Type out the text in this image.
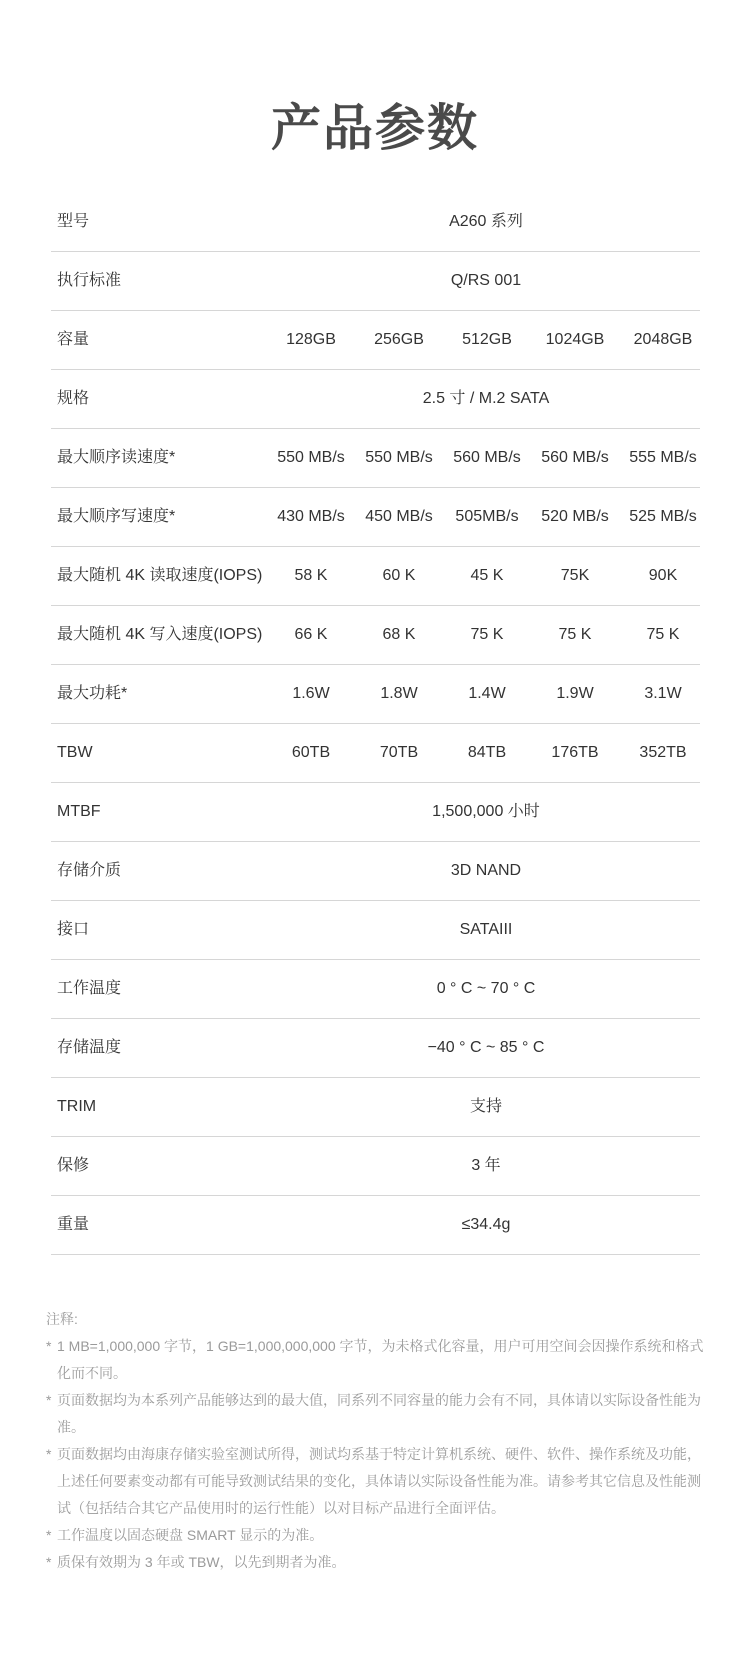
产品参数
型号	A260 系列
执行标准	Q/RS 001
容量	128GB	256GB	512GB	1024GB	2048GB
规格	2.5 寸 / M.2 SATA
最大顺序读速度*	550 MB/s	550 MB/s	560 MB/s	560 MB/s	555 MB/s
最大顺序写速度*	430 MB/s	450 MB/s	505MB/s	520 MB/s	525 MB/s
最大随机 4K 读取速度(IOPS)	58 K	60 K	45 K	75K	90K
最大随机 4K 写入速度(IOPS)	66 K	68 K	75 K	75 K	75 K
最大功耗*	1.6W	1.8W	1.4W	1.9W	3.1W
TBW	60TB	70TB	84TB	176TB	352TB
MTBF	1,500,000 小时
存储介质	3D NAND
接口	SATAIII
工作温度	0 ° C ~ 70 ° C
存储温度	−40 ° C ~ 85 ° C
TRIM	支持
保修	3 年
重量	≤34.4g

注释:

* 1 MB=1,000,000 字节，1 GB=1,000,000,000 字节，为未格式化容量，用户可用空间会因操作系统和格式化而不同。

* 页面数据均为本系列产品能够达到的最大值，同系列不同容量的能力会有不同，具体请以实际设备性能为准。

* 页面数据均由海康存储实验室测试所得，测试均系基于特定计算机系统、硬件、软件、操作系统及功能，上述任何要素变动都有可能导致测试结果的变化，具体请以实际设备性能为准。请参考其它信息及性能测试（包括结合其它产品使用时的运行性能）以对目标产品进行全面评估。

* 工作温度以固态硬盘 SMART 显示的为准。

* 质保有效期为 3 年或 TBW，以先到期者为准。
